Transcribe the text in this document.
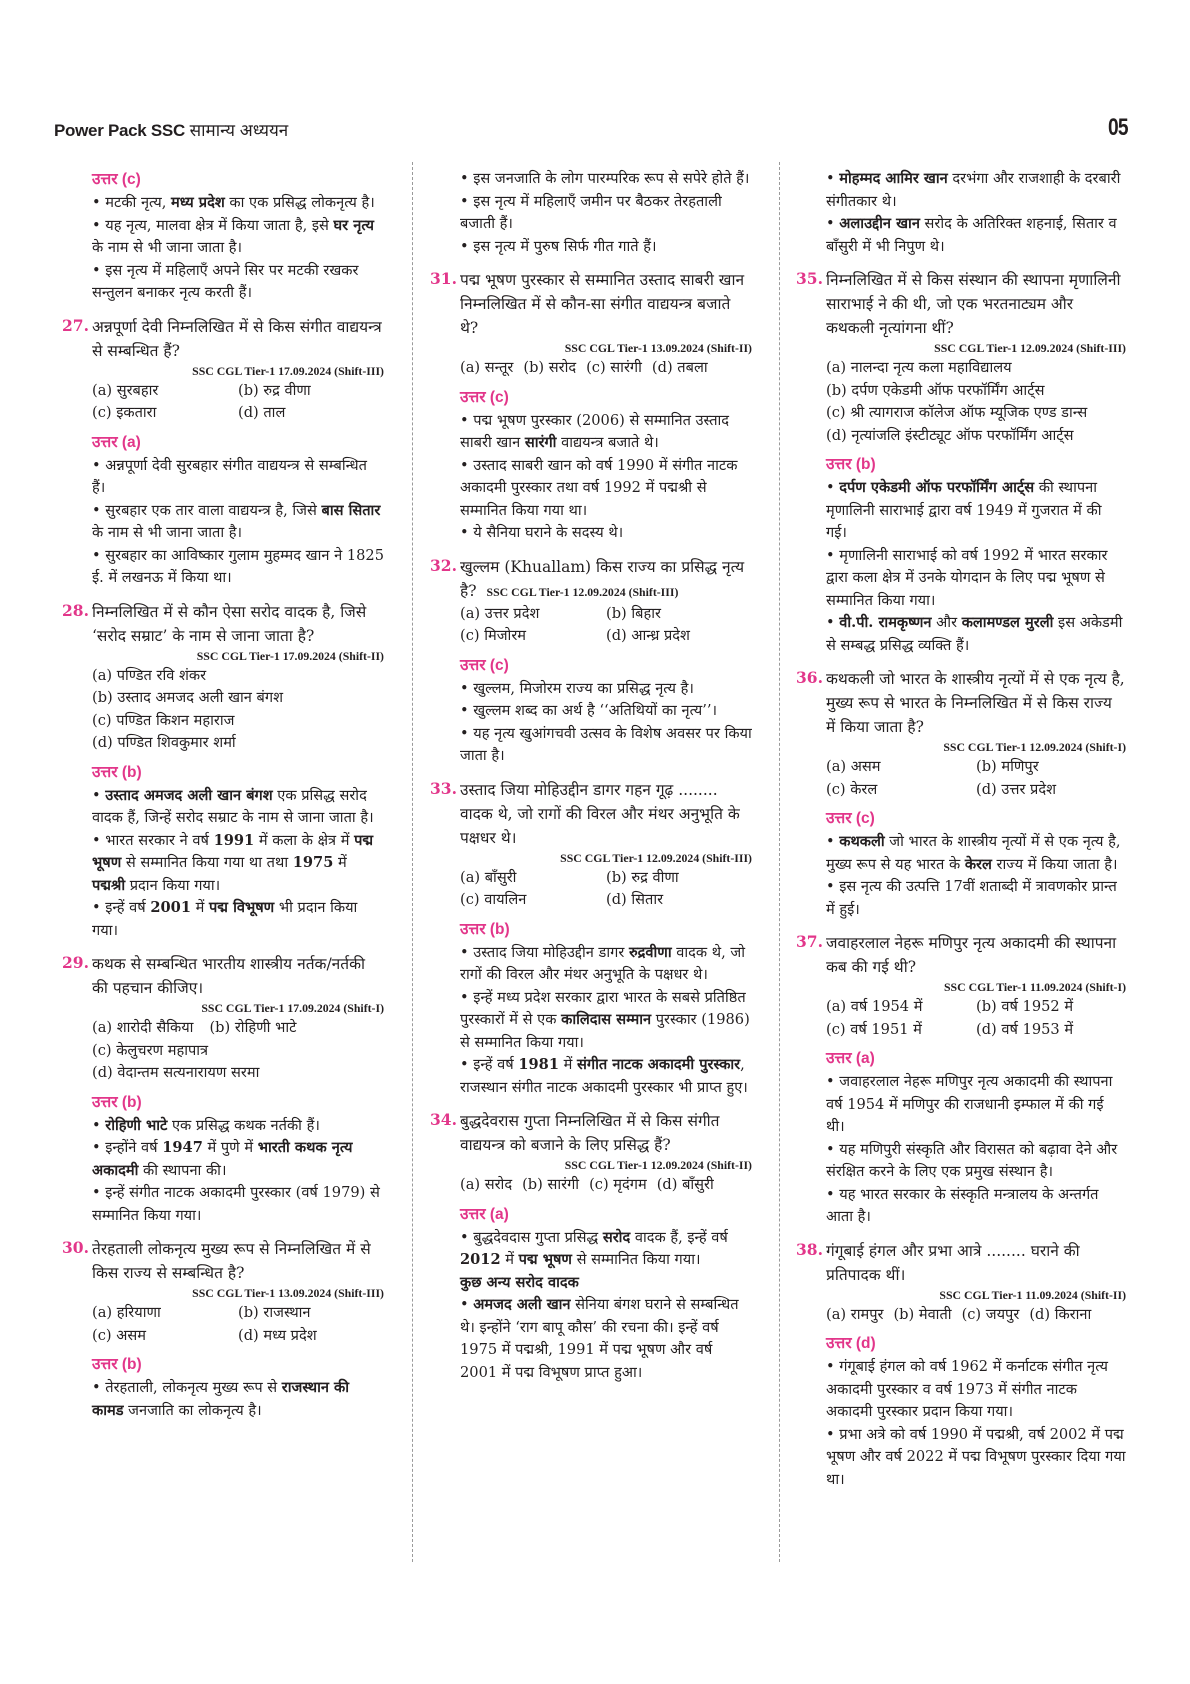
Power Pack SSC सामान्य अध्ययन	05
उत्तर (c)
• मटकी नृत्य, मध्य प्रदेश का एक प्रसिद्ध लोकनृत्य है।
• यह नृत्य, मालवा क्षेत्र में किया जाता है, इसे घर नृत्य के नाम से भी जाना जाता है।
• इस नृत्य में महिलाएँ अपने सिर पर मटकी रखकर सन्तुलन बनाकर नृत्य करती हैं।
27. अन्नपूर्णा देवी निम्नलिखित में से किस संगीत वाद्ययन्त्र से सम्बन्धित हैं?
SSC CGL Tier-1 17.09.2024 (Shift-III)
(a) सुरबहार	(b) रुद्र वीणा
(c) इकतारा	(d) ताल
उत्तर (a)
• अन्नपूर्णा देवी सुरबहार संगीत वाद्ययन्त्र से सम्बन्धित हैं।
• सुरबहार एक तार वाला वाद्ययन्त्र है, जिसे बास सितार के नाम से भी जाना जाता है।
• सुरबहार का आविष्कार गुलाम मुहम्मद खान ने 1825 ई. में लखनऊ में किया था।
28. निम्नलिखित में से कौन ऐसा सरोद वादक है, जिसे ‘सरोद सम्राट’ के नाम से जाना जाता है?
SSC CGL Tier-1 17.09.2024 (Shift-II)
(a) पण्डित रवि शंकर
(b) उस्ताद अमजद अली खान बंगश
(c) पण्डित किशन महाराज
(d) पण्डित शिवकुमार शर्मा
उत्तर (b)
• उस्ताद अमजद अली खान बंगश एक प्रसिद्ध सरोद वादक हैं, जिन्हें सरोद सम्राट के नाम से जाना जाता है।
• भारत सरकार ने वर्ष 1991 में कला के क्षेत्र में पद्म भूषण से सम्मानित किया गया था तथा 1975 में पद्मश्री प्रदान किया गया।
• इन्हें वर्ष 2001 में पद्म विभूषण भी प्रदान किया गया।
29. कथक से सम्बन्धित भारतीय शास्त्रीय नर्तक/नर्तकी की पहचान कीजिए।
SSC CGL Tier-1 17.09.2024 (Shift-I)
(a) शारोदी सैकिया (b) रोहिणी भाटे
(c) केलुचरण महापात्र
(d) वेदान्तम सत्यनारायण सरमा
उत्तर (b)
• रोहिणी भाटे एक प्रसिद्ध कथक नर्तकी हैं।
• इन्होंने वर्ष 1947 में पुणे में भारती कथक नृत्य अकादमी की स्थापना की।
• इन्हें संगीत नाटक अकादमी पुरस्कार (वर्ष 1979) से सम्मानित किया गया।
30. तेरहताली लोकनृत्य मुख्य रूप से निम्नलिखित में से किस राज्य से सम्बन्धित है?
SSC CGL Tier-1 13.09.2024 (Shift-III)
(a) हरियाणा	(b) राजस्थान
(c) असम	(d) मध्य प्रदेश
उत्तर (b)
• तेरहताली, लोकनृत्य मुख्य रूप से राजस्थान की कामड जनजाति का लोकनृत्य है।
• इस जनजाति के लोग पारम्परिक रूप से सपेरे होते हैं।
• इस नृत्य में महिलाएँ जमीन पर बैठकर तेरहताली बजाती हैं।
• इस नृत्य में पुरुष सिर्फ गीत गाते हैं।
31. पद्म भूषण पुरस्कार से सम्मानित उस्ताद साबरी खान निम्नलिखित में से कौन-सा संगीत वाद्ययन्त्र बजाते थे?
SSC CGL Tier-1 13.09.2024 (Shift-II)
(a) सन्तूर (b) सरोद (c) सारंगी (d) तबला
उत्तर (c)
• पद्म भूषण पुरस्कार (2006) से सम्मानित उस्ताद साबरी खान सारंगी वाद्ययन्त्र बजाते थे।
• उस्ताद साबरी खान को वर्ष 1990 में संगीत नाटक अकादमी पुरस्कार तथा वर्ष 1992 में पद्मश्री से सम्मानित किया गया था।
• ये सैनिया घराने के सदस्य थे।
32. खुल्लम (Khuallam) किस राज्य का प्रसिद्ध नृत्य है? SSC CGL Tier-1 12.09.2024 (Shift-III)
(a) उत्तर प्रदेश	(b) बिहार
(c) मिजोरम	(d) आन्ध्र प्रदेश
उत्तर (c)
• खुल्लम, मिजोरम राज्य का प्रसिद्ध नृत्य है।
• खुल्लम शब्द का अर्थ है ‘‘अतिथियों का नृत्य’’।
• यह नृत्य खुआंगचवी उत्सव के विशेष अवसर पर किया जाता है।
33. उस्ताद जिया मोहिउद्दीन डागर गहन गूढ़ ........ वादक थे, जो रागों की विरल और मंथर अनुभूति के पक्षधर थे।
SSC CGL Tier-1 12.09.2024 (Shift-III)
(a) बाँसुरी	(b) रुद्र वीणा
(c) वायलिन	(d) सितार
उत्तर (b)
• उस्ताद जिया मोहिउद्दीन डागर रुद्रवीणा वादक थे, जो रागों की विरल और मंथर अनुभूति के पक्षधर थे।
• इन्हें मध्य प्रदेश सरकार द्वारा भारत के सबसे प्रतिष्ठित पुरस्कारों में से एक कालिदास सम्मान पुरस्कार (1986) से सम्मानित किया गया।
• इन्हें वर्ष 1981 में संगीत नाटक अकादमी पुरस्कार, राजस्थान संगीत नाटक अकादमी पुरस्कार भी प्राप्त हुए।
34. बुद्धदेवरास गुप्ता निम्नलिखित में से किस संगीत वाद्ययन्त्र को बजाने के लिए प्रसिद्ध हैं?
SSC CGL Tier-1 12.09.2024 (Shift-II)
(a) सरोद (b) सारंगी (c) मृदंगम (d) बाँसुरी
उत्तर (a)
• बुद्धदेवदास गुप्ता प्रसिद्ध सरोद वादक हैं, इन्हें वर्ष 2012 में पद्म भूषण से सम्मानित किया गया।
कुछ अन्य सरोद वादक
• अमजद अली खान सेनिया बंगश घराने से सम्बन्धित थे। इन्होंने ‘राग बापू कौस’ की रचना की। इन्हें वर्ष 1975 में पद्मश्री, 1991 में पद्म भूषण और वर्ष 2001 में पद्म विभूषण प्राप्त हुआ।
• मोहम्मद आमिर खान दरभंगा और राजशाही के दरबारी संगीतकार थे।
• अलाउद्दीन खान सरोद के अतिरिक्त शहनाई, सितार व बाँसुरी में भी निपुण थे।
35. निम्नलिखित में से किस संस्थान की स्थापना मृणालिनी साराभाई ने की थी, जो एक भरतनाट्यम और कथकली नृत्यांगना थीं?
SSC CGL Tier-1 12.09.2024 (Shift-III)
(a) नालन्दा नृत्य कला महाविद्यालय
(b) दर्पण एकेडमी ऑफ परफॉर्मिंग आर्ट्स
(c) श्री त्यागराज कॉलेज ऑफ म्यूजिक एण्ड डान्स
(d) नृत्यांजलि इंस्टीट्यूट ऑफ परफॉर्मिंग आर्ट्स
उत्तर (b)
• दर्पण एकेडमी ऑफ परफॉर्मिंग आर्ट्स की स्थापना मृणालिनी साराभाई द्वारा वर्ष 1949 में गुजरात में की गई।
• मृणालिनी साराभाई को वर्ष 1992 में भारत सरकार द्वारा कला क्षेत्र में उनके योगदान के लिए पद्म भूषण से सम्मानित किया गया।
• वी.पी. रामकृष्णन और कलामण्डल मुरली इस अकेडमी से सम्बद्ध प्रसिद्ध व्यक्ति हैं।
36. कथकली जो भारत के शास्त्रीय नृत्यों में से एक नृत्य है, मुख्य रूप से भारत के निम्नलिखित में से किस राज्य में किया जाता है?
SSC CGL Tier-1 12.09.2024 (Shift-I)
(a) असम	(b) मणिपुर
(c) केरल	(d) उत्तर प्रदेश
उत्तर (c)
• कथकली जो भारत के शास्त्रीय नृत्यों में से एक नृत्य है, मुख्य रूप से यह भारत के केरल राज्य में किया जाता है।
• इस नृत्य की उत्पत्ति 17वीं शताब्दी में त्रावणकोर प्रान्त में हुई।
37. जवाहरलाल नेहरू मणिपुर नृत्य अकादमी की स्थापना कब की गई थी?
SSC CGL Tier-1 11.09.2024 (Shift-I)
(a) वर्ष 1954 में	(b) वर्ष 1952 में
(c) वर्ष 1951 में	(d) वर्ष 1953 में
उत्तर (a)
• जवाहरलाल नेहरू मणिपुर नृत्य अकादमी की स्थापना वर्ष 1954 में मणिपुर की राजधानी इम्फाल में की गई थी।
• यह मणिपुरी संस्कृति और विरासत को बढ़ावा देने और संरक्षित करने के लिए एक प्रमुख संस्थान है।
• यह भारत सरकार के संस्कृति मन्त्रालय के अन्तर्गत आता है।
38. गंगूबाई हंगल और प्रभा आत्रे ........ घराने की प्रतिपादक थीं।
SSC CGL Tier-1 11.09.2024 (Shift-II)
(a) रामपुर (b) मेवाती (c) जयपुर (d) किराना
उत्तर (d)
• गंगूबाई हंगल को वर्ष 1962 में कर्नाटक संगीत नृत्य अकादमी पुरस्कार व वर्ष 1973 में संगीत नाटक अकादमी पुरस्कार प्रदान किया गया।
• प्रभा अत्रे को वर्ष 1990 में पद्मश्री, वर्ष 2002 में पद्म भूषण और वर्ष 2022 में पद्म विभूषण पुरस्कार दिया गया था।
